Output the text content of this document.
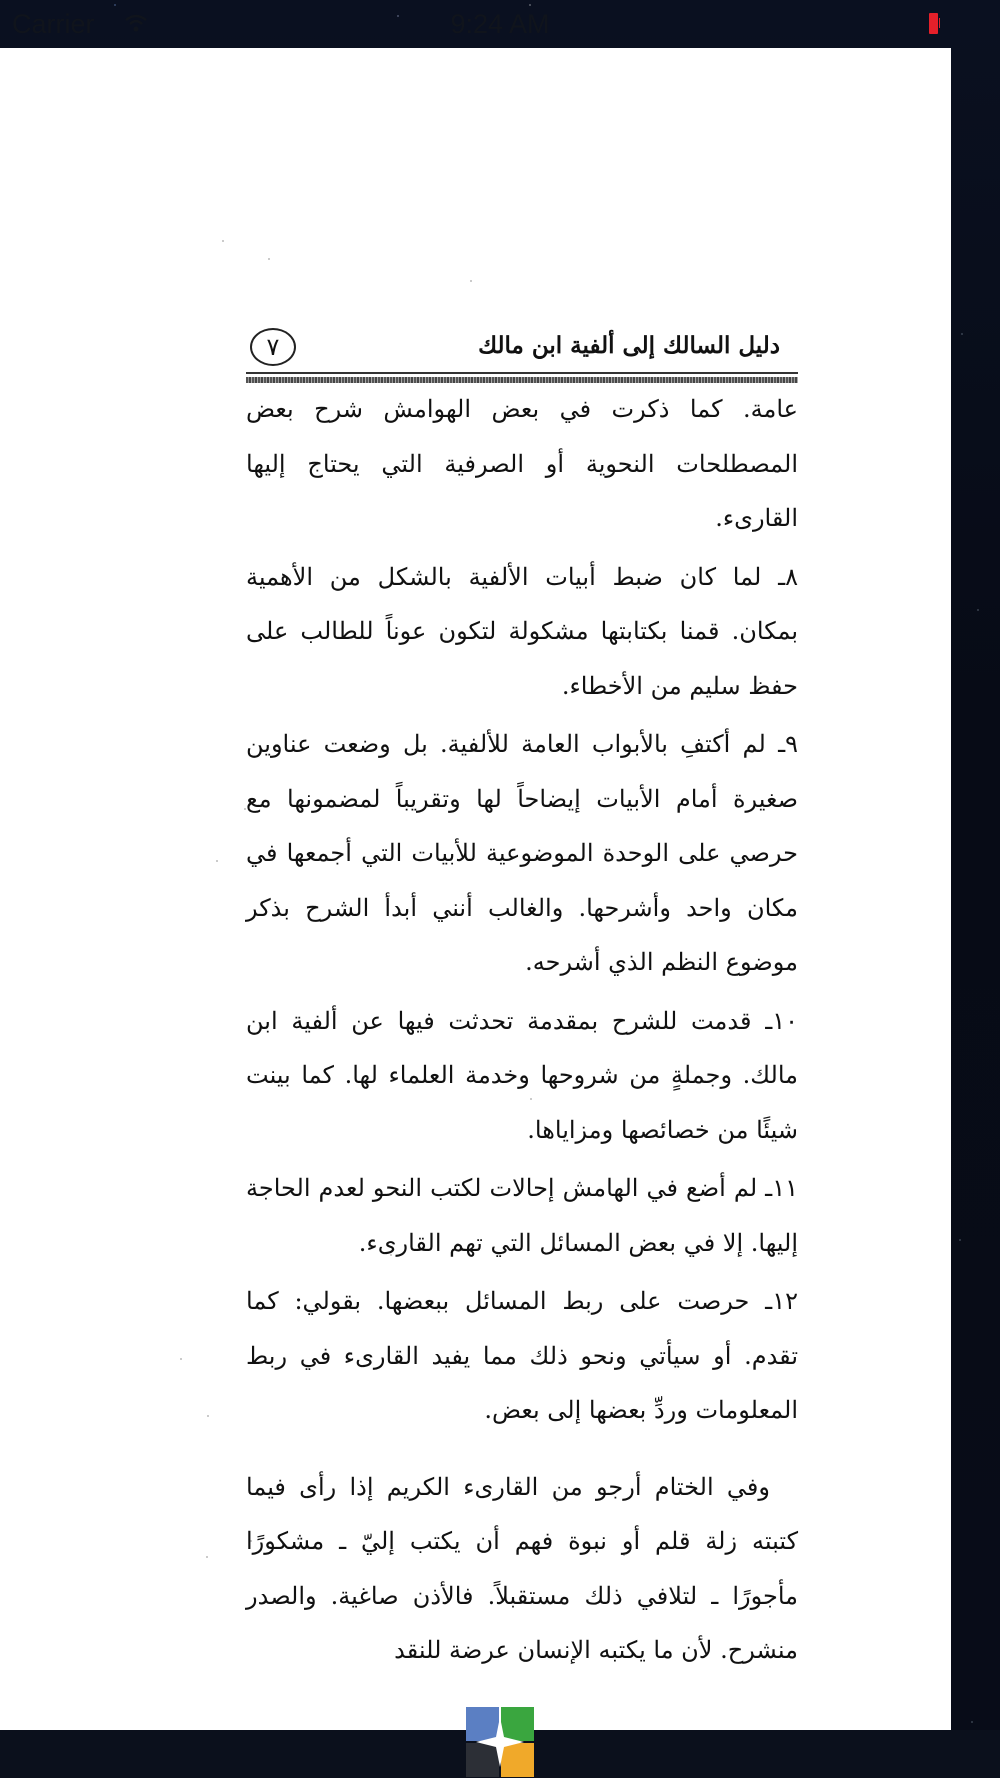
Carrier	9:24 AM
٧	دليل السالك إلى ألفية ابن مالك

عامة. كما ذكرت في بعض الهوامش شرح بعض المصطلحات النحوية أو الصرفية التي يحتاج إليها القارىء.

٨ـ لما كان ضبط أبيات الألفية بالشكل من الأهمية بمكان. قمنا بكتابتها مشكولة لتكون عوناً للطالب على حفظ سليم من الأخطاء.

٩ـ لم أكتفِ بالأبواب العامة للألفية. بل وضعت عناوين صغيرة أمام الأبيات إيضاحاً لها وتقريباً لمضمونها مع حرصي على الوحدة الموضوعية للأبيات التي أجمعها في مكان واحد وأشرحها. والغالب أنني أبدأ الشرح بذكر موضوع النظم الذي أشرحه.

١٠ـ قدمت للشرح بمقدمة تحدثت فيها عن ألفية ابن مالك. وجملةٍ من شروحها وخدمة العلماء لها. كما بينت شيئًا من خصائصها ومزاياها.

١١ـ لم أضع في الهامش إحالات لكتب النحو لعدم الحاجة إليها. إلا في بعض المسائل التي تهم القارىء.

١٢ـ حرصت على ربط المسائل ببعضها. بقولي: كما تقدم. أو سيأتي ونحو ذلك مما يفيد القارىء في ربط المعلومات وردِّ بعضها إلى بعض.

وفي الختام أرجو من القارىء الكريم إذا رأى فيما كتبته زلة قلم أو نبوة فهم أن يكتب إليّ ـ مشكورًا مأجورًا ـ لتلافي ذلك مستقبلاً. فالأذن صاغية. والصدر منشرح. لأن ما يكتبه الإنسان عرضة للنقد
